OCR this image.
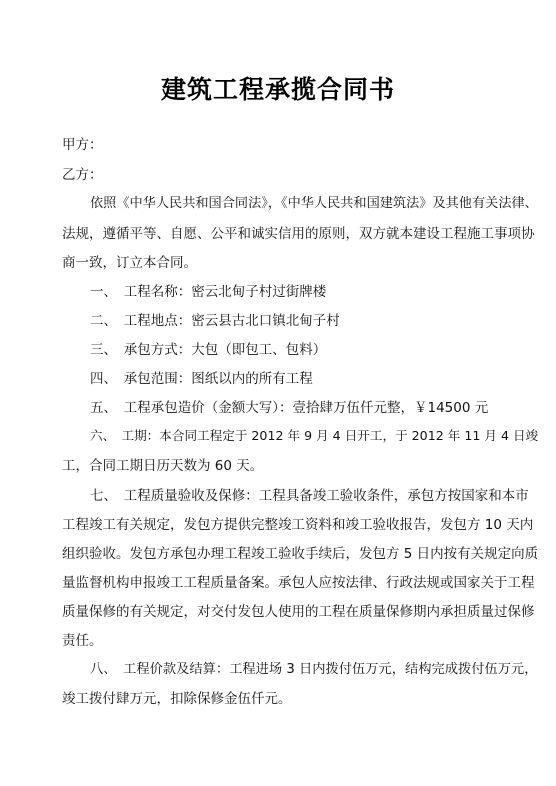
建筑工程承揽合同书
甲方：
乙方：
依照《中华人民共和国合同法》，《中华人民共和国建筑法》及其他有关法律、
法规，遵循平等、自愿、公平和诚实信用的原则，双方就本建设工程施工事项协
商一致，订立本合同。
一、　工程名称：密云北甸子村过街牌楼
二、　工程地点：密云县古北口镇北甸子村
三、　承包方式：大包（即包工、包料）
四、　承包范围：图纸以内的所有工程
五、　工程承包造价（金额大写）：壹拾肆万伍仟元整，￥14500 元
六、　工期：本合同工程定于 2012 年 9 月 4 日开工，于 2012 年 11 月 4 日竣
工，合同工期日历天数为 60 天。
七、　工程质量验收及保修：工程具备竣工验收条件，承包方按国家和本市
工程竣工有关规定，发包方提供完整竣工资料和竣工验收报告，发包方 10 天内
组织验收。发包方承包办理工程竣工验收手续后，发包方 5 日内按有关规定向质
量监督机构申报竣工工程质量备案。承包人应按法律、行政法规或国家关于工程
质量保修的有关规定，对交付发包人使用的工程在质量保修期内承担质量过保修
责任。
八、　工程价款及结算：工程进场 3 日内拨付伍万元，结构完成拨付伍万元，
竣工拨付肆万元，扣除保修金伍仟元。
